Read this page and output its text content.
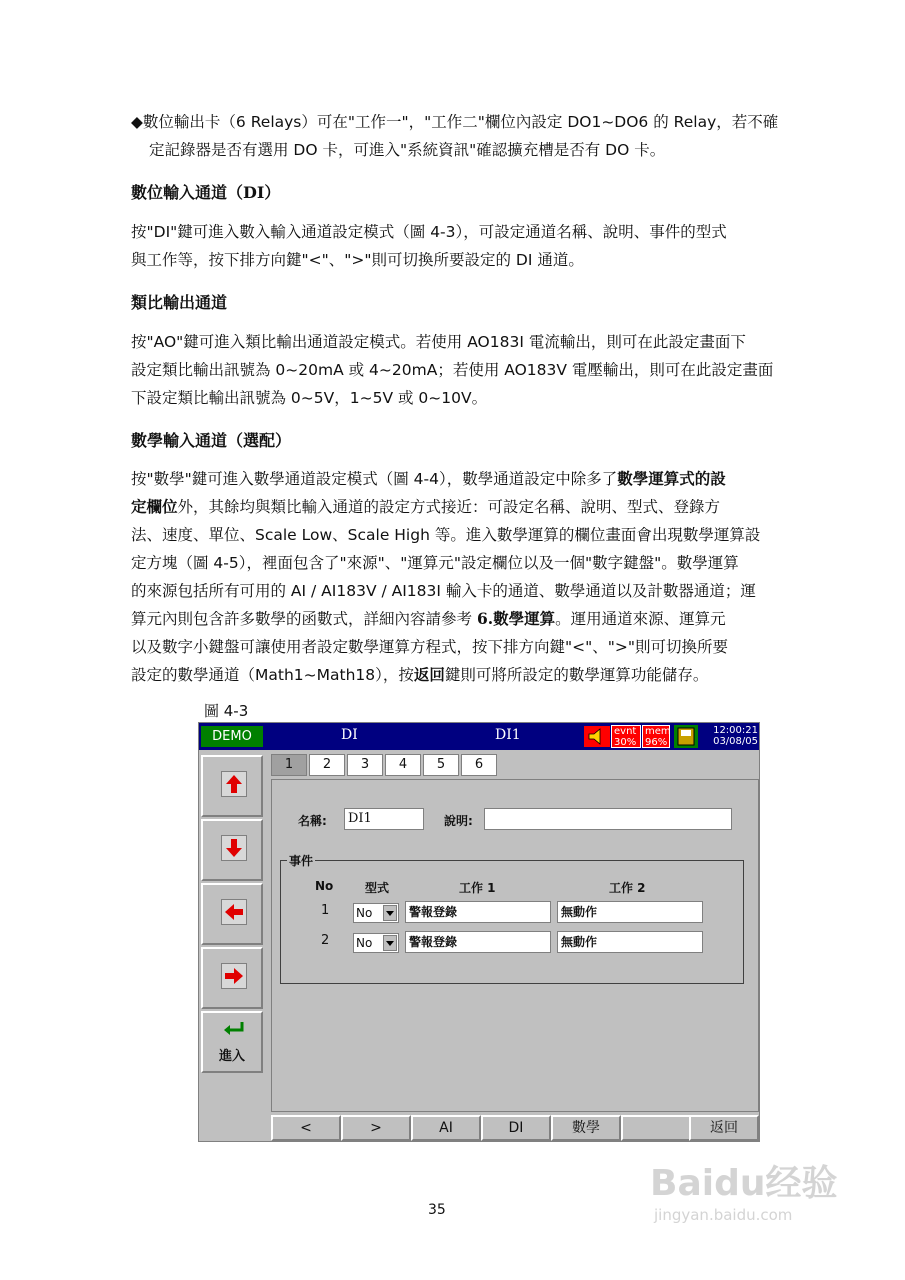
◆數位輸出卡（6 Relays）可在"工作一"，"工作二"欄位內設定 DO1~DO6 的 Relay，若不確
定記錄器是否有選用 DO 卡，可進入"系統資訊"確認擴充槽是否有 DO 卡。
數位輸入通道（DI）
按"DI"鍵可進入數入輸入通道設定模式（圖 4-3），可設定通道名稱、說明、事件的型式
與工作等，按下排方向鍵"<"、">"則可切換所要設定的 DI 通道。
類比輸出通道
按"AO"鍵可進入類比輸出通道設定模式。若使用 AO183I 電流輸出，則可在此設定畫面下
設定類比輸出訊號為 0~20mA 或 4~20mA；若使用 AO183V 電壓輸出，則可在此設定畫面
下設定類比輸出訊號為 0~5V，1~5V 或 0~10V。
數學輸入通道（選配）
按"數學"鍵可進入數學通道設定模式（圖 4-4），數學通道設定中除多了數學運算式的設
定欄位外，其餘均與類比輸入通道的設定方式接近：可設定名稱、說明、型式、登錄方
法、速度、單位、Scale Low、Scale High 等。進入數學運算的欄位畫面會出現數學運算設
定方塊（圖 4-5），裡面包含了"來源"、"運算元"設定欄位以及一個"數字鍵盤"。數學運算
的來源包括所有可用的 AI / AI183V / AI183I 輸入卡的通道、數學通道以及計數器通道；運
算元內則包含許多數學的函數式，詳細內容請參考 6.數學運算。運用通道來源、運算元
以及數字小鍵盤可讓使用者設定數學運算方程式，按下排方向鍵"<"、">"則可切換所要
設定的數學通道（Math1~Math18），按返回鍵則可將所設定的數學運算功能儲存。
圖 4-3
DEMO	DI	DI1	evnt
30%
mem
96%
12:00:21
03/08/05
進入
1	2	3	4	5	6
名稱:	DI1	說明:
事件
No	型式	工作 1	工作 2
1 No	警報登錄	無動作
2 No	警報登錄	無動作
<	>	AI	DI	數學	返回
35
Baidu经验
jingyan.baidu.com
